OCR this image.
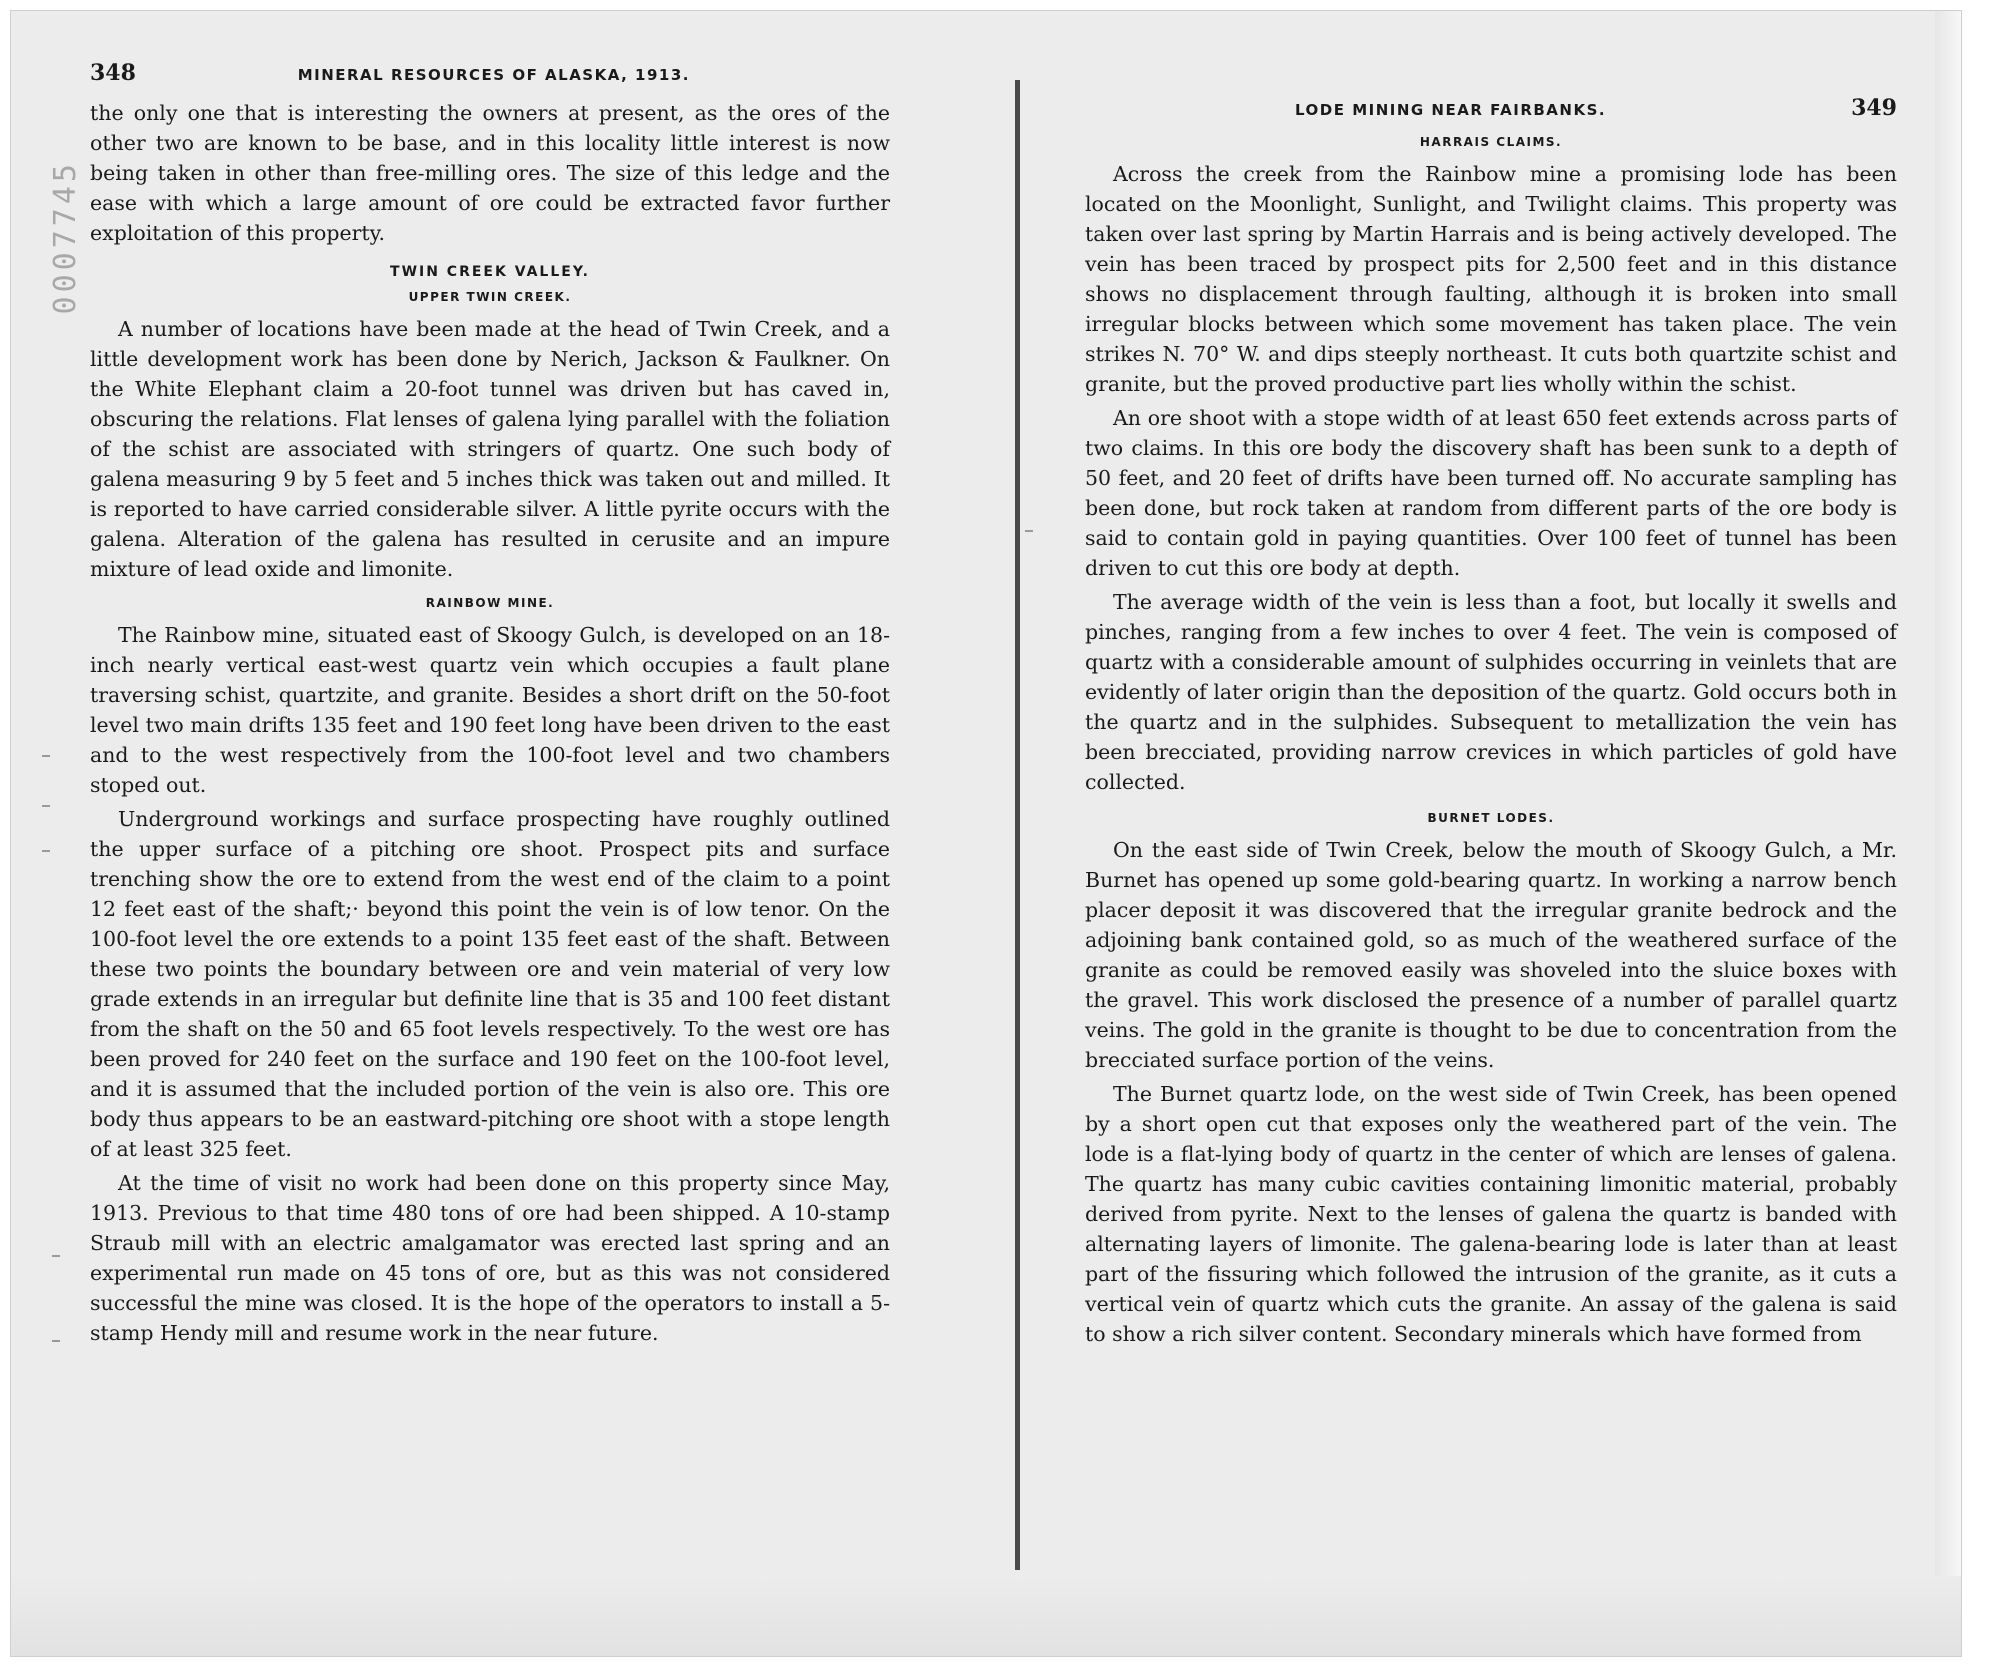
0007745
348	MINERAL RESOURCES OF ALASKA, 1913.

the only one that is interesting the owners at present, as the ores of the other two are known to be base, and in this locality little interest is now being taken in other than free-milling ores. The size of this ledge and the ease with which a large amount of ore could be extracted favor further exploitation of this property.

TWIN CREEK VALLEY.
UPPER TWIN CREEK.

A number of locations have been made at the head of Twin Creek, and a little development work has been done by Nerich, Jackson & Faulkner. On the White Elephant claim a 20-foot tunnel was driven but has caved in, obscuring the relations. Flat lenses of galena lying parallel with the foliation of the schist are associated with stringers of quartz. One such body of galena measuring 9 by 5 feet and 5 inches thick was taken out and milled. It is reported to have carried considerable silver. A little pyrite occurs with the galena. Alteration of the galena has resulted in cerusite and an impure mixture of lead oxide and limonite.

RAINBOW MINE.

The Rainbow mine, situated east of Skoogy Gulch, is developed on an 18-inch nearly vertical east-west quartz vein which occupies a fault plane traversing schist, quartzite, and granite. Besides a short drift on the 50-foot level two main drifts 135 feet and 190 feet long have been driven to the east and to the west respectively from the 100-foot level and two chambers stoped out.

Underground workings and surface prospecting have roughly outlined the upper surface of a pitching ore shoot. Prospect pits and surface trenching show the ore to extend from the west end of the claim to a point 12 feet east of the shaft;· beyond this point the vein is of low tenor. On the 100-foot level the ore extends to a point 135 feet east of the shaft. Between these two points the boundary between ore and vein material of very low grade extends in an irregular but definite line that is 35 and 100 feet distant from the shaft on the 50 and 65 foot levels respectively. To the west ore has been proved for 240 feet on the surface and 190 feet on the 100-foot level, and it is assumed that the included portion of the vein is also ore. This ore body thus appears to be an eastward-pitching ore shoot with a stope length of at least 325 feet.

At the time of visit no work had been done on this property since May, 1913. Previous to that time 480 tons of ore had been shipped. A 10-stamp Straub mill with an electric amalgamator was erected last spring and an experimental run made on 45 tons of ore, but as this was not considered successful the mine was closed. It is the hope of the operators to install a 5-stamp Hendy mill and resume work in the near future.

LODE MINING NEAR FAIRBANKS.	349
HARRAIS CLAIMS.

Across the creek from the Rainbow mine a promising lode has been located on the Moonlight, Sunlight, and Twilight claims. This property was taken over last spring by Martin Harrais and is being actively developed. The vein has been traced by prospect pits for 2,500 feet and in this distance shows no displacement through faulting, although it is broken into small irregular blocks between which some movement has taken place. The vein strikes N. 70° W. and dips steeply northeast. It cuts both quartzite schist and granite, but the proved productive part lies wholly within the schist.

An ore shoot with a stope width of at least 650 feet extends across parts of two claims. In this ore body the discovery shaft has been sunk to a depth of 50 feet, and 20 feet of drifts have been turned off. No accurate sampling has been done, but rock taken at random from different parts of the ore body is said to contain gold in paying quantities. Over 100 feet of tunnel has been driven to cut this ore body at depth.

The average width of the vein is less than a foot, but locally it swells and pinches, ranging from a few inches to over 4 feet. The vein is composed of quartz with a considerable amount of sulphides occurring in veinlets that are evidently of later origin than the deposition of the quartz. Gold occurs both in the quartz and in the sulphides. Subsequent to metallization the vein has been brecciated, providing narrow crevices in which particles of gold have collected.

BURNET LODES.

On the east side of Twin Creek, below the mouth of Skoogy Gulch, a Mr. Burnet has opened up some gold-bearing quartz. In working a narrow bench placer deposit it was discovered that the irregular granite bedrock and the adjoining bank contained gold, so as much of the weathered surface of the granite as could be removed easily was shoveled into the sluice boxes with the gravel. This work disclosed the presence of a number of parallel quartz veins. The gold in the granite is thought to be due to concentration from the brecciated surface portion of the veins.

The Burnet quartz lode, on the west side of Twin Creek, has been opened by a short open cut that exposes only the weathered part of the vein. The lode is a flat-lying body of quartz in the center of which are lenses of galena. The quartz has many cubic cavities containing limonitic material, probably derived from pyrite. Next to the lenses of galena the quartz is banded with alternating layers of limonite. The galena-bearing lode is later than at least part of the fissuring which followed the intrusion of the granite, as it cuts a vertical vein of quartz which cuts the granite. An assay of the galena is said to show a rich silver content. Secondary minerals which have formed from
